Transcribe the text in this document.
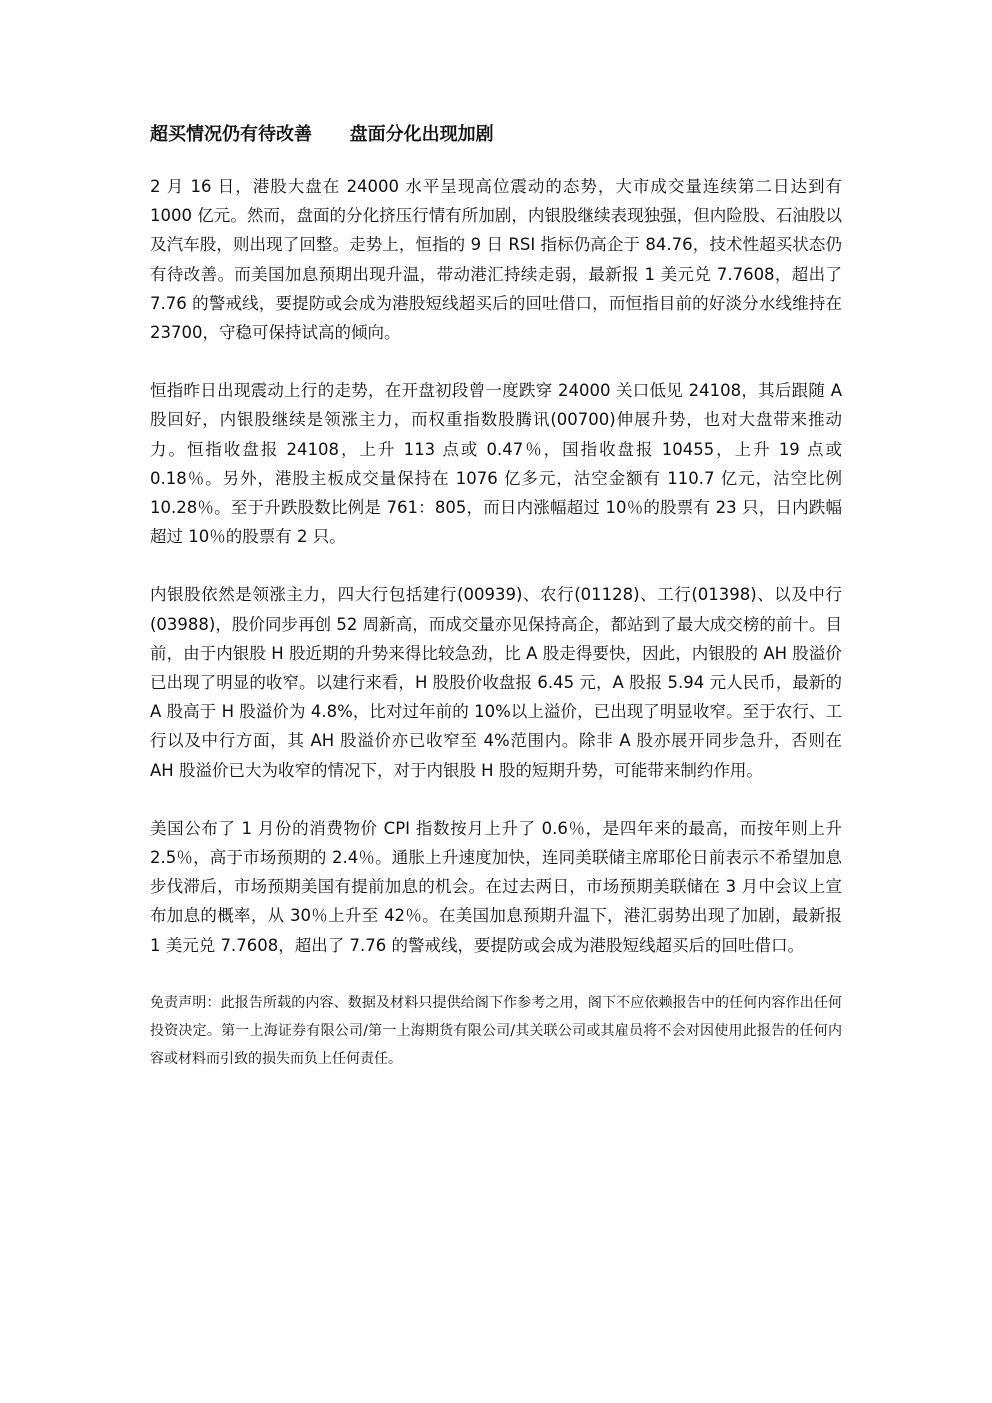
超买情况仍有待改善      盘面分化出现加剧

2 月 16 日，港股大盘在 24000 水平呈现高位震动的态势，大市成交量连续第二日达到有 1000 亿元。然而，盘面的分化挤压行情有所加剧，内银股继续表现独强，但内险股、石油股以及汽车股，则出现了回整。走势上，恒指的 9 日 RSI 指标仍高企于 84.76，技术性超买状态仍有待改善。而美国加息预期出现升温，带动港汇持续走弱，最新报 1 美元兑 7.7608，超出了 7.76 的警戒线，要提防或会成为港股短线超买后的回吐借口，而恒指目前的好淡分水线维持在 23700，守稳可保持试高的倾向。

恒指昨日出现震动上行的走势，在开盘初段曾一度跌穿 24000 关口低见 24108，其后跟随 A 股回好，内银股继续是领涨主力，而权重指数股腾讯(00700)伸展升势，也对大盘带来推动力。恒指收盘报 24108，上升 113 点或 0.47％，国指收盘报 10455，上升 19 点或 0.18％。另外，港股主板成交量保持在 1076 亿多元，沽空金额有 110.7 亿元，沽空比例 10.28％。至于升跌股数比例是 761：805，而日内涨幅超过 10％的股票有 23 只，日内跌幅超过 10％的股票有 2 只。

内银股依然是领涨主力，四大行包括建行(00939)、农行(01128)、工行(01398)、以及中行(03988)，股价同步再创 52 周新高，而成交量亦见保持高企，都站到了最大成交榜的前十。目前，由于内银股 H 股近期的升势来得比较急劲，比 A 股走得要快，因此，内银股的 AH 股溢价已出现了明显的收窄。以建行来看，H 股股价收盘报 6.45 元，A 股报 5.94 元人民币，最新的 A 股高于 H 股溢价为 4.8%，比对过年前的 10%以上溢价，已出现了明显收窄。至于农行、工行以及中行方面，其 AH 股溢价亦已收窄至 4%范围内。除非 A 股亦展开同步急升，否则在 AH 股溢价已大为收窄的情况下，对于内银股 H 股的短期升势，可能带来制约作用。

美国公布了 1 月份的消费物价 CPI 指数按月上升了 0.6％，是四年来的最高，而按年则上升 2.5％，高于市场预期的 2.4％。通胀上升速度加快，连同美联储主席耶伦日前表示不希望加息步伐滞后，市场预期美国有提前加息的机会。在过去两日，市场预期美联储在 3 月中会议上宣布加息的概率，从 30％上升至 42％。在美国加息预期升温下，港汇弱势出现了加剧，最新报 1 美元兑 7.7608，超出了 7.76 的警戒线，要提防或会成为港股短线超买后的回吐借口。

免责声明：此报告所载的内容、数据及材料只提供给阁下作参考之用，阁下不应依赖报告中的任何内容作出任何投资决定。第一上海证券有限公司/第一上海期货有限公司/其关联公司或其雇员将不会对因使用此报告的任何内容或材料而引致的损失而负上任何责任。
